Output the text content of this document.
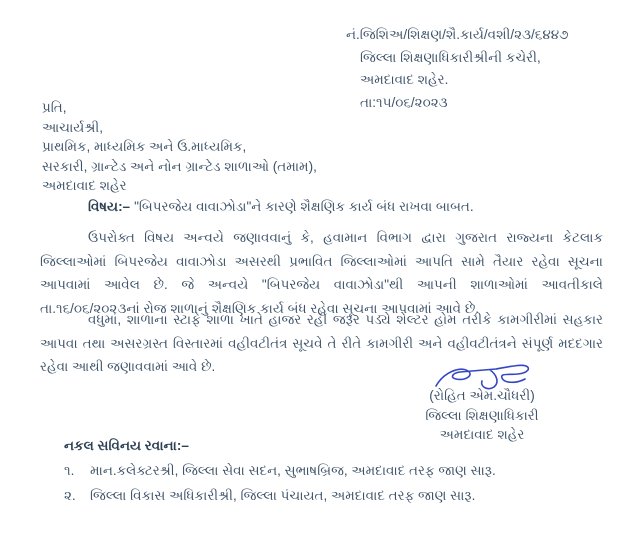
નં.જિશિઅ/શિક્ષણ/શૈ.કાર્ય/વશી/૨૩/૬૪૪૭
જિલ્લા શિક્ષણાધિકારીશ્રીની કચેરી,
અમદાવાદ શહેર.
તા:૧૫/૦૬/૨૦૨૩
પ્રતિ,
આચાર્યશ્રી,
પ્રાથમિક, માધ્યમિક અને ઉ.માધ્યમિક,
સરકારી, ગ્રાન્ટેડ અને નોન ગ્રાન્ટેડ શાળાઓ (તમામ),
અમદાવાદ શહેર
વિષય:– "બિપરજેય વાવાઝોડા"ને કારણે શૈક્ષણિક કાર્ય બંધ રાખવા બાબત.
ઉપરોક્ત વિષય અન્વયે જણાવવાનું કે, હવામાન વિભાગ દ્વારા ગુજરાત રાજ્યના કેટલાક જિલ્લાઓમાં બિપરજેય વાવાઝોડા અસરથી પ્રભાવિત જિલ્લાઓમાં આપતિ સામે તૈયાર રહેવા સૂચના આપવામાં આવેલ છે. જે અન્વયે "બિપરજેય વાવાઝોડા"થી આપની શાળાઓમાં આવતીકાલે તા.૧૬/૦૬/૨૦૨૩નાં રોજ શાળાનું શૈક્ષણિક કાર્ય બંધ રહેવા સૂચના આપવામાં આવે છે.
વધુમાં, શાળાના સ્ટાફે શાળા ખાતે હાજર રહી જરૂર પડ્યે શેલ્ટર હોમ તરીકે કામગીરીમાં સહકાર આપવા તથા અસરગ્રસ્ત વિસ્તારમાં વહીવટીતંત્ર સૂચવે તે રીતે કામગીરી અને વહીવટીતંત્રને સંપૂર્ણ મદદગાર રહેવા આથી જણાવવામાં આવે છે.
(રોહિત એમ.ચૌધરી)
જિલ્લા શિક્ષણાધિકારી
અમદાવાદ શહેર
નકલ સવિનય રવાના:–
૧.	માન.કલેક્ટરશ્રી, જિલ્લા સેવા સદન, સુભાષબ્રિજ, અમદાવાદ તરફ જાણ સારૂ.
૨.	જિલ્લા વિકાસ અધિકારીશ્રી, જિલ્લા પંચાયત, અમદાવાદ તરફ જાણ સારૂ.
